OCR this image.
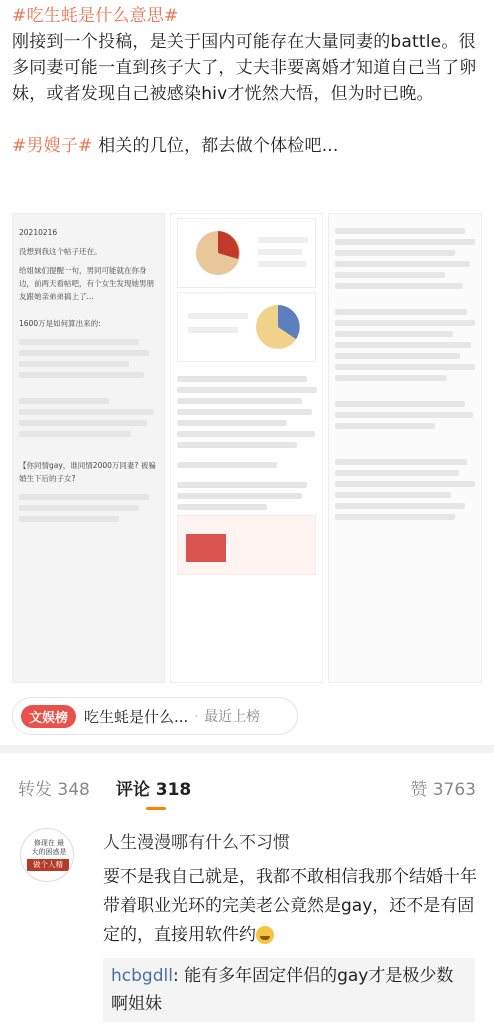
#吃生蚝是什么意思#
刚接到一个投稿，是关于国内可能存在大量同妻的battle。很多同妻可能一直到孩子大了，丈夫非要离婚才知道自己当了卵妹，或者发现自己被感染hiv才恍然大悟，但为时已晚。

#男嫂子# 相关的几位，都去做个体检吧...

20210216
没想到我这个帖子还在。
给姐妹们提醒一句，男同可能就在你身边，前两天看帖吧，有个女生发现她男朋友跟她亲弟弟搞上了...
1600万是如何算出来的:
【你同情gay，谁同情2000万同妻? 被骗婚生下后的子女?
文娱榜	吃生蚝是什么... · 最近上榜
转发 348 评论 318	赞 3763
修现在 最大的困惑是
做个人精
人生漫漫哪有什么不习惯
要不是我自己就是，我都不敢相信我那个结婚十年带着职业光环的完美老公竟然是gay，还不是有固定的，直接用软件约
hcbgdll: 能有多年固定伴侣的gay才是极少数啊姐妹
